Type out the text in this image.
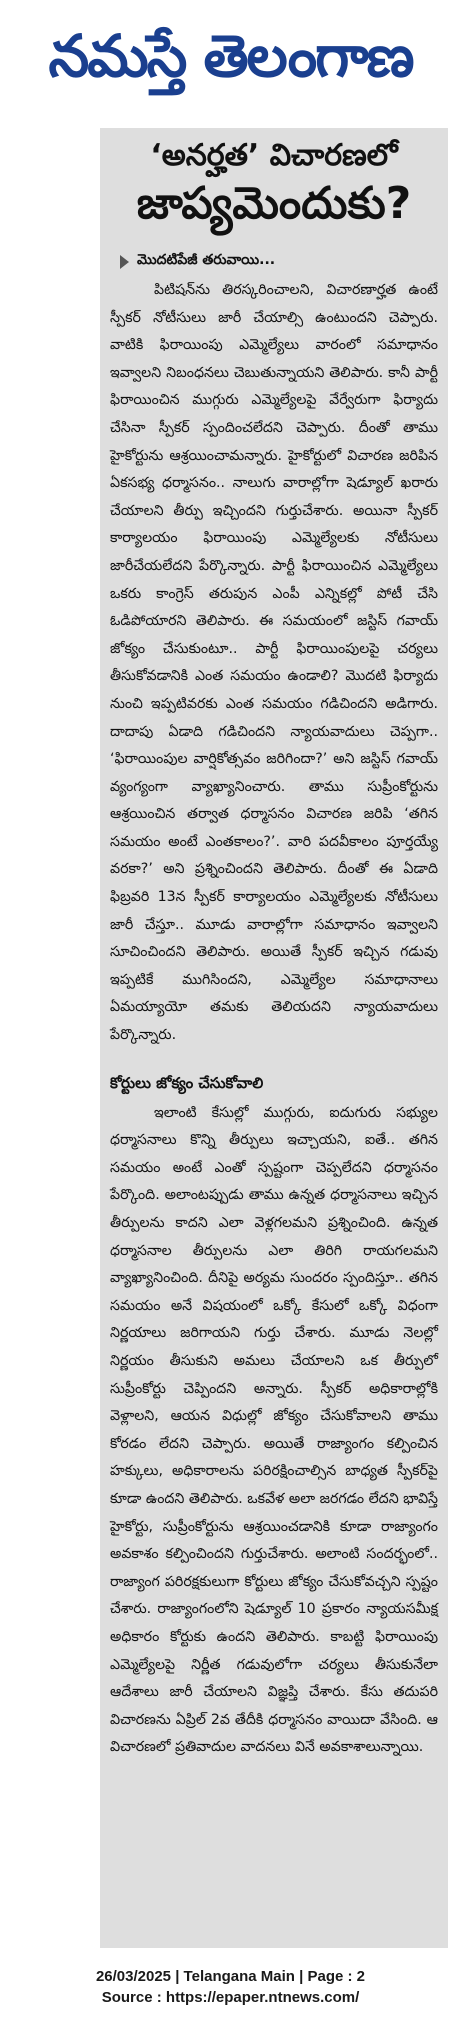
నమస్తే తెలంగాణ
‘అనర్హత’ విచారణలో
జాప్యమెందుకు?
మొదటిపేజీ తరువాయి...

పిటిషన్‌ను తిరస్కరించాలని, విచారణార్హత ఉంటే స్పీకర్ నోటీసులు జారీ చేయాల్సి ఉంటుందని చెప్పారు. వాటికి ఫిరాయింపు ఎమ్మెల్యేలు వారంలో సమాధానం ఇవ్వాలని నిబంధనలు చెబుతున్నాయని తెలిపారు. కానీ పార్టీ ఫిరాయించిన ముగ్గురు ఎమ్మెల్యేలపై వేర్వేరుగా ఫిర్యాదు చేసినా స్పీకర్ స్పందించలేదని చెప్పారు. దీంతో తాము హైకోర్టును ఆశ్రయించామన్నారు. హైకోర్టులో విచారణ జరిపిన ఏకసభ్య ధర్మాసనం.. నాలుగు వారాల్లోగా షెడ్యూల్ ఖరారు చేయాలని తీర్పు ఇచ్చిందని గుర్తుచేశారు. అయినా స్పీకర్ కార్యాలయం ఫిరాయింపు ఎమ్మెల్యేలకు నోటీసులు జారీచేయలేదని పేర్కొన్నారు. పార్టీ ఫిరాయించిన ఎమ్మెల్యేలు ఒకరు కాంగ్రెస్ తరుపున ఎంపీ ఎన్నికల్లో పోటీ చేసి ఓడిపోయారని తెలిపారు. ఈ సమయంలో జస్టిస్ గవాయ్ జోక్యం చేసుకుంటూ.. పార్టీ ఫిరాయింపులపై చర్యలు తీసుకోవడానికి ఎంత సమయం ఉండాలి? మొదటి ఫిర్యాదు నుంచి ఇప్పటివరకు ఎంత సమయం గడిచిందని అడిగారు. దాదాపు ఏడాది గడిచిందని న్యాయవాదులు చెప్పగా.. ‘ఫిరాయింపుల వార్షికోత్సవం జరిగిందా?’ అని జస్టిస్ గవాయ్ వ్యంగ్యంగా వ్యాఖ్యానించారు. తాము సుప్రీంకోర్టును ఆశ్రయించిన తర్వాత ధర్మాసనం విచారణ జరిపి ‘తగిన సమయం అంటే ఎంతకాలం?’. వారి పదవీకాలం పూర్తయ్యే వరకా?’ అని ప్రశ్నించిందని తెలిపారు. దీంతో ఈ ఏడాది ఫిబ్రవరి 13న స్పీకర్ కార్యాలయం ఎమ్మెల్యేలకు నోటీసులు జారీ చేస్తూ.. మూడు వారాల్లోగా సమాధానం ఇవ్వాలని సూచించిందని తెలిపారు. అయితే స్పీకర్ ఇచ్చిన గడువు ఇప్పటికే ముగిసిందని, ఎమ్మెల్యేల సమాధానాలు ఏమయ్యాయో తమకు తెలియదని న్యాయవాదులు పేర్కొన్నారు.

కోర్టులు జోక్యం చేసుకోవాలి

ఇలాంటి కేసుల్లో ముగ్గురు, ఐదుగురు సభ్యుల ధర్మాసనాలు కొన్ని తీర్పులు ఇచ్చాయని, ఐతే.. తగిన సమయం అంటే ఎంతో స్పష్టంగా చెప్పలేదని ధర్మాసనం పేర్కొంది. అలాంటప్పుడు తాము ఉన్నత ధర్మాసనాలు ఇచ్చిన తీర్పులను కాదని ఎలా వెళ్లగలమని ప్రశ్నించింది. ఉన్నత ధర్మాసనాల తీర్పులను ఎలా తిరిగి రాయగలమని వ్యాఖ్యానించింది. దీనిపై అర్యమ సుందరం స్పందిస్తూ.. తగిన సమయం అనే విషయంలో ఒక్కో కేసులో ఒక్కో విధంగా నిర్ణయాలు జరిగాయని గుర్తు చేశారు. మూడు నెలల్లో నిర్ణయం తీసుకుని అమలు చేయాలని ఒక తీర్పులో సుప్రీంకోర్టు చెప్పిందని అన్నారు. స్పీకర్ అధికారాల్లోకి వెళ్లాలని, ఆయన విధుల్లో జోక్యం చేసుకోవాలని తాము కోరడం లేదని చెప్పారు. అయితే రాజ్యాంగం కల్పించిన హక్కులు, అధికారాలను పరిరక్షించాల్సిన బాధ్యత స్పీకర్‌పై కూడా ఉందని తెలిపారు. ఒకవేళ అలా జరగడం లేదని భావిస్తే హైకోర్టు, సుప్రీంకోర్టును ఆశ్రయించడానికి కూడా రాజ్యాంగం అవకాశం కల్పించిందని గుర్తుచేశారు. అలాంటి సందర్భంలో.. రాజ్యాంగ పరిరక్షకులుగా కోర్టులు జోక్యం చేసుకోవచ్చని స్పష్టం చేశారు. రాజ్యాంగంలోని షెడ్యూల్ 10 ప్రకారం న్యాయసమీక్ష అధికారం కోర్టుకు ఉందని తెలిపారు. కాబట్టి ఫిరాయింపు ఎమ్మెల్యేలపై నిర్ణీత గడువులోగా చర్యలు తీసుకునేలా ఆదేశాలు జారీ చేయాలని విజ్ఞప్తి చేశారు. కేసు తదుపరి విచారణను ఏప్రిల్ 2వ తేదీకి ధర్మాసనం వాయిదా వేసింది. ఆ విచారణలో ప్రతివాదుల వాదనలు వినే అవకాశాలున్నాయి.

26/03/2025 | Telangana Main | Page : 2
Source : https://epaper.ntnews.com/
